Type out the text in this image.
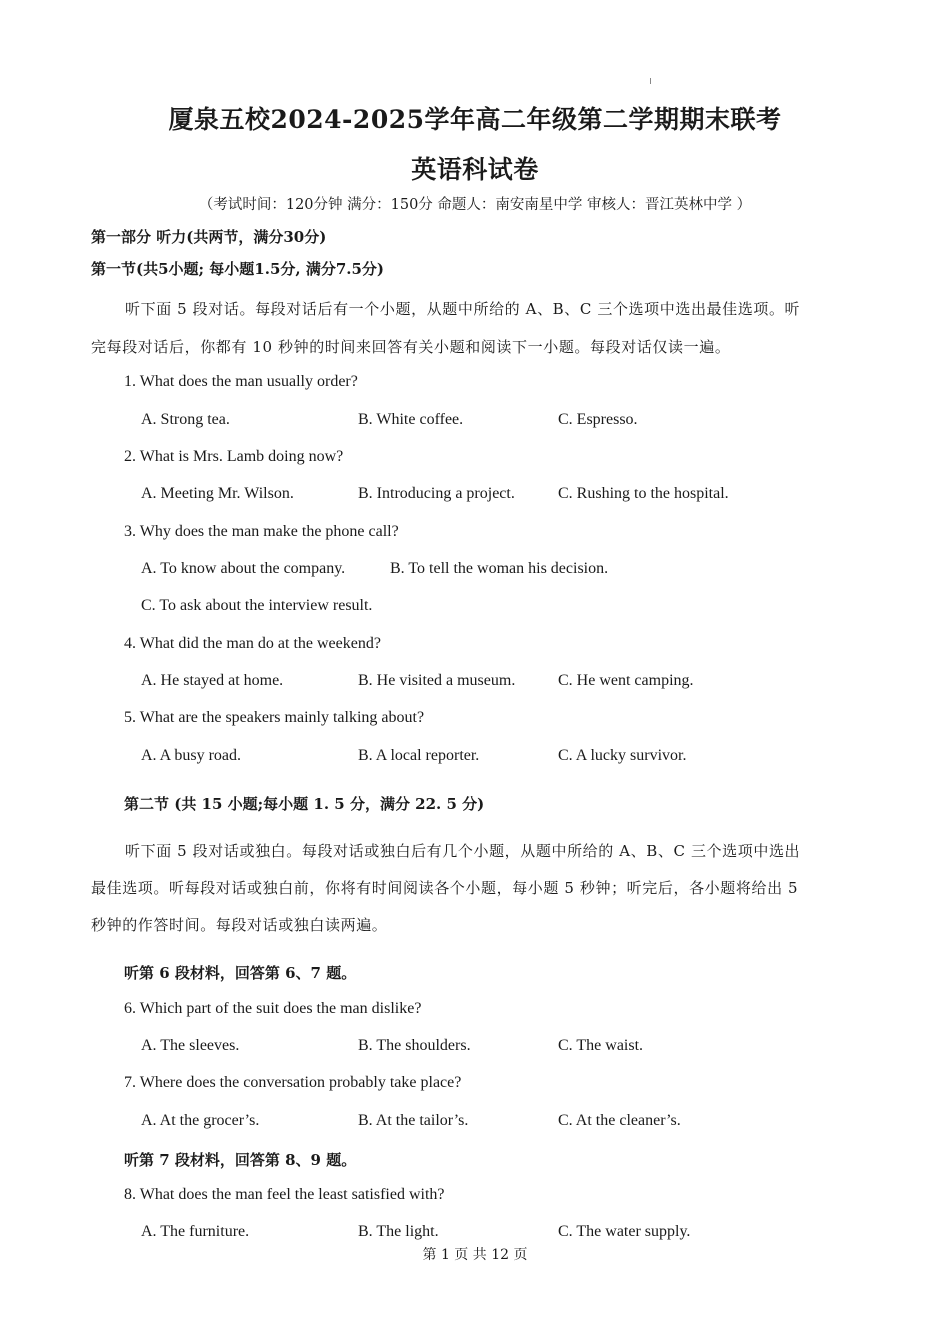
厦泉五校2024-2025学年高二年级第二学期期末联考
英语科试卷
（考试时间：120分钟 满分：150分 命题人：南安南星中学 审核人：晋江英林中学 ）
第一部分 听力(共两节，满分30分)
第一节(共5小题; 每小题1.5分, 满分7.5分)
听下面 5 段对话。每段对话后有一个小题，从题中所给的 A、B、C 三个选项中选出最佳选项。听
完每段对话后，你都有 10 秒钟的时间来回答有关小题和阅读下一小题。每段对话仅读一遍。
1. What does the man usually order?
A. Strong tea.	B. White coffee.	C. Espresso.
2. What is Mrs. Lamb doing now?
A. Meeting Mr. Wilson.	B. Introducing a project.	C. Rushing to the hospital.
3. Why does the man make the phone call?
A. To know about the company.	B. To tell the woman his decision.
C. To ask about the interview result.
4. What did the man do at the weekend?
A. He stayed at home.	B. He visited a museum.	C. He went camping.
5. What are the speakers mainly talking about?
A. A busy road.	B. A local reporter.	C. A lucky survivor.
第二节 (共 15 小题;每小题 1. 5 分，满分 22. 5 分)
听下面 5 段对话或独白。每段对话或独白后有几个小题，从题中所给的 A、B、C 三个选项中选出
最佳选项。听每段对话或独白前，你将有时间阅读各个小题，每小题 5 秒钟；听完后，各小题将给出 5
秒钟的作答时间。每段对话或独白读两遍。
听第 6 段材料，回答第 6、7 题。
6. Which part of the suit does the man dislike?
A. The sleeves.	B. The shoulders.	C. The waist.
7. Where does the conversation probably take place?
A. At the grocer’s.	B. At the tailor’s.	C. At the cleaner’s.
听第 7 段材料，回答第 8、9 题。
8. What does the man feel the least satisfied with?
A. The furniture.	B. The light.	C. The water supply.
第 1 页 共 12 页
